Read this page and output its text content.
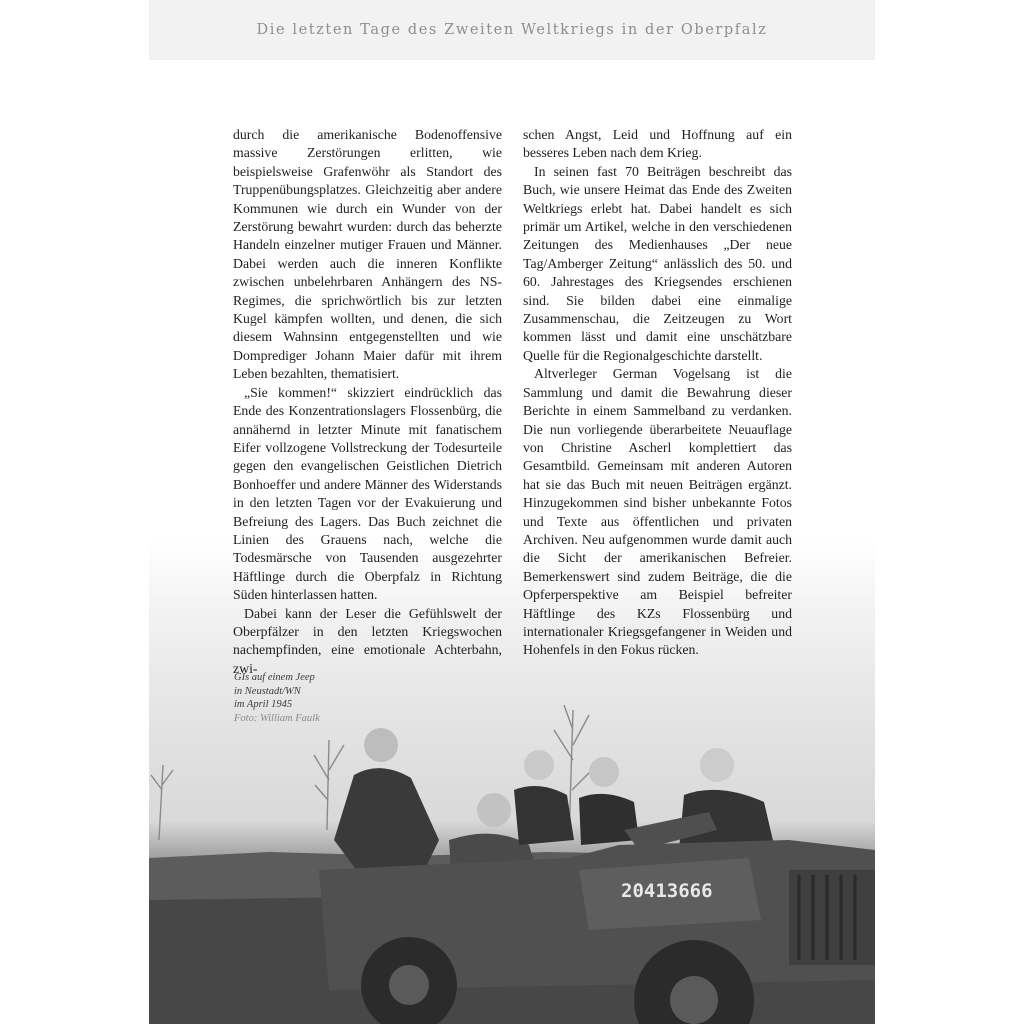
Die letzten Tage des Zweiten Weltkriegs in der Oberpfalz
20413666

durch die amerikanische Bodenoffensive massive Zerstörungen erlitten, wie beispielsweise Grafenwöhr als Standort des Truppenübungsplatzes. Gleichzeitig aber andere Kommunen wie durch ein Wunder von der Zerstörung bewahrt wurden: durch das beherzte Handeln einzelner mutiger Frauen und Männer. Dabei werden auch die inneren Konflikte zwischen unbelehrbaren Anhängern des NS-Regimes, die sprichwörtlich bis zur letzten Kugel kämpfen wollten, und denen, die sich diesem Wahnsinn entgegenstellten und wie Domprediger Johann Maier dafür mit ihrem Leben bezahlten, thematisiert.

„Sie kommen!“ skizziert eindrücklich das Ende des Konzentrationslagers Flossenbürg, die annähernd in letzter Minute mit fanatischem Eifer vollzogene Vollstreckung der Todesurteile gegen den evangelischen Geistlichen Dietrich Bonhoeffer und andere Männer des Widerstands in den letzten Tagen vor der Evakuierung und Befreiung des Lagers. Das Buch zeichnet die Linien des Grauens nach, welche die Todesmärsche von Tausenden ausgezehrter Häftlinge durch die Oberpfalz in Richtung Süden hinterlassen hatten.

Dabei kann der Leser die Gefühlswelt der Oberpfälzer in den letzten Kriegswochen nachempfinden, eine emotionale Achterbahn, zwi-

schen Angst, Leid und Hoffnung auf ein besseres Leben nach dem Krieg.

In seinen fast 70 Beiträgen beschreibt das Buch, wie unsere Heimat das Ende des Zweiten Weltkriegs erlebt hat. Dabei handelt es sich primär um Artikel, welche in den verschiedenen Zeitungen des Medienhauses „Der neue Tag/Amberger Zeitung“ anlässlich des 50. und 60. Jahrestages des Kriegsendes erschienen sind. Sie bilden dabei eine einmalige Zusammenschau, die Zeitzeugen zu Wort kommen lässt und damit eine unschätzbare Quelle für die Regionalgeschichte darstellt.

Altverleger German Vogelsang ist die Sammlung und damit die Bewahrung dieser Berichte in einem Sammelband zu verdanken. Die nun vorliegende überarbeitete Neuauflage von Christine Ascherl komplettiert das Gesamtbild. Gemeinsam mit anderen Autoren hat sie das Buch mit neuen Beiträgen ergänzt. Hinzugekommen sind bisher unbekannte Fotos und Texte aus öffentlichen und privaten Archiven. Neu aufgenommen wurde damit auch die Sicht der amerikanischen Befreier. Bemerkenswert sind zudem Beiträge, die die Opferperspektive am Beispiel befreiter Häftlinge des KZs Flossenbürg und internationaler Kriegsgefangener in Weiden und Hohenfels in den Fokus rücken.

GIs auf einem Jeep
in Neustadt/WN
im April 1945
Foto: William Faulk
